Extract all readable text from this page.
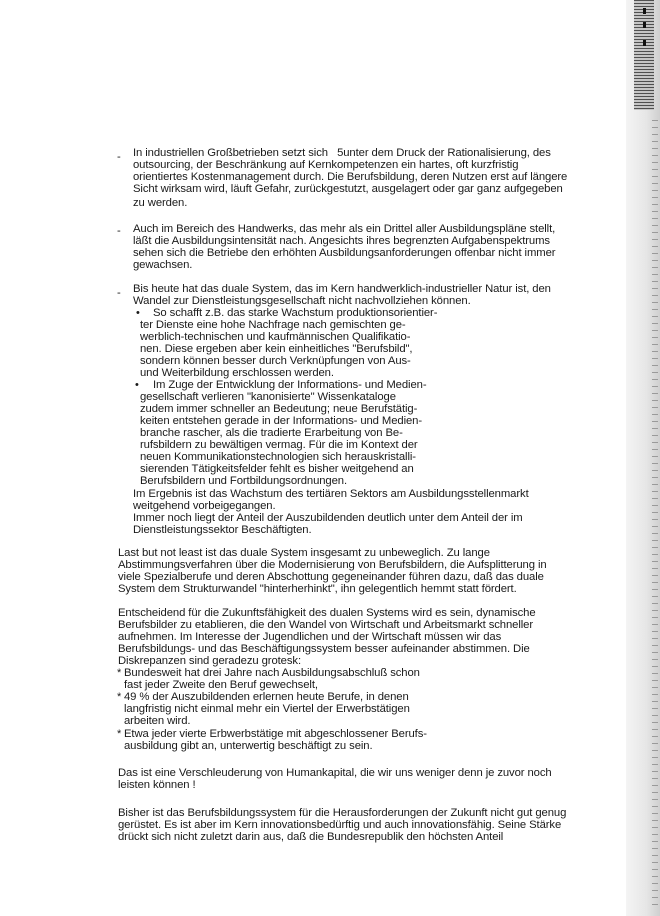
- In industriellen Großbetrieben setzt sich   5unter dem Druck der Rationalisierung, des
outsourcing, der Beschränkung auf Kernkompetenzen ein hartes, oft kurzfristig
orientiertes Kostenmanagement durch. Die Berufsbildung, deren Nutzen erst auf längere
Sicht wirksam wird, läuft Gefahr, zurückgestutzt, ausgelagert oder gar ganz aufgegeben
zu werden.
- Auch im Bereich des Handwerks, das mehr als ein Drittel aller Ausbildungspläne stellt,
läßt die Ausbildungsintensität nach. Angesichts ihres begrenzten Aufgabenspektrums
sehen sich die Betriebe den erhöhten Ausbildungsanforderungen offenbar nicht immer
gewachsen.
- Bis heute hat das duale System, das im Kern handwerklich-industrieller Natur ist, den
Wandel zur Dienstleistungsgesellschaft nicht nachvollziehen können.
• So schafft z.B. das starke Wachstum produktionsorientier-
ter Dienste eine hohe Nachfrage nach gemischten ge-
werblich-technischen und kaufmännischen Qualifikatio-
nen. Diese ergeben aber kein einheitliches "Berufsbild",
sondern können besser durch Verknüpfungen von Aus-
und Weiterbildung erschlossen werden.
• Im Zuge der Entwicklung der Informations- und Medien-
gesellschaft verlieren "kanonisierte" Wissenkataloge
zudem immer schneller an Bedeutung; neue Berufstätig-
keiten entstehen gerade in der Informations- und Medien-
branche rascher, als die tradierte Erarbeitung von Be-
rufsbildern zu bewältigen vermag. Für die im Kontext der
neuen Kommunikationstechnologien sich herauskristalli-
sierenden Tätigkeitsfelder fehlt es bisher weitgehend an
Berufsbildern und Fortbildungsordnungen.
Im Ergebnis ist das Wachstum des tertiären Sektors am Ausbildungsstellenmarkt
weitgehend vorbeigegangen.
Immer noch liegt der Anteil der Auszubildenden deutlich unter dem Anteil der im
Dienstleistungssektor Beschäftigten.
Last but not least ist das duale System insgesamt zu unbeweglich. Zu lange
Abstimmungsverfahren über die Modernisierung von Berufsbildern, die Aufsplitterung in
viele Spezialberufe und deren Abschottung gegeneinander führen dazu, daß das duale
System dem Strukturwandel "hinterherhinkt", ihn gelegentlich hemmt statt fördert.
Entscheidend für die Zukunftsfähigkeit des dualen Systems wird es sein, dynamische
Berufsbilder zu etablieren, die den Wandel von Wirtschaft und Arbeitsmarkt schneller
aufnehmen. Im Interesse der Jugendlichen und der Wirtschaft müssen wir das
Berufsbildungs- und das Beschäftigungssystem besser aufeinander abstimmen. Die
Diskrepanzen sind geradezu grotesk:
* Bundesweit hat drei Jahre nach Ausbildungsabschluß schon
fast jeder Zweite den Beruf gewechselt,
* 49 % der Auszubildenden erlernen heute Berufe, in denen
langfristig nicht einmal mehr ein Viertel der Erwerbstätigen
arbeiten wird.
* Etwa jeder vierte Erbwerbstätige mit abgeschlossener Berufs-
ausbildung gibt an, unterwertig beschäftigt zu sein.
Das ist eine Verschleuderung von Humankapital, die wir uns weniger denn je zuvor noch
leisten können !
Bisher ist das Berufsbildungssystem für die Herausforderungen der Zukunft nicht gut genug
gerüstet. Es ist aber im Kern innovationsbedürftig und auch innovationsfähig. Seine Stärke
drückt sich nicht zuletzt darin aus, daß die Bundesrepublik den höchsten Anteil
